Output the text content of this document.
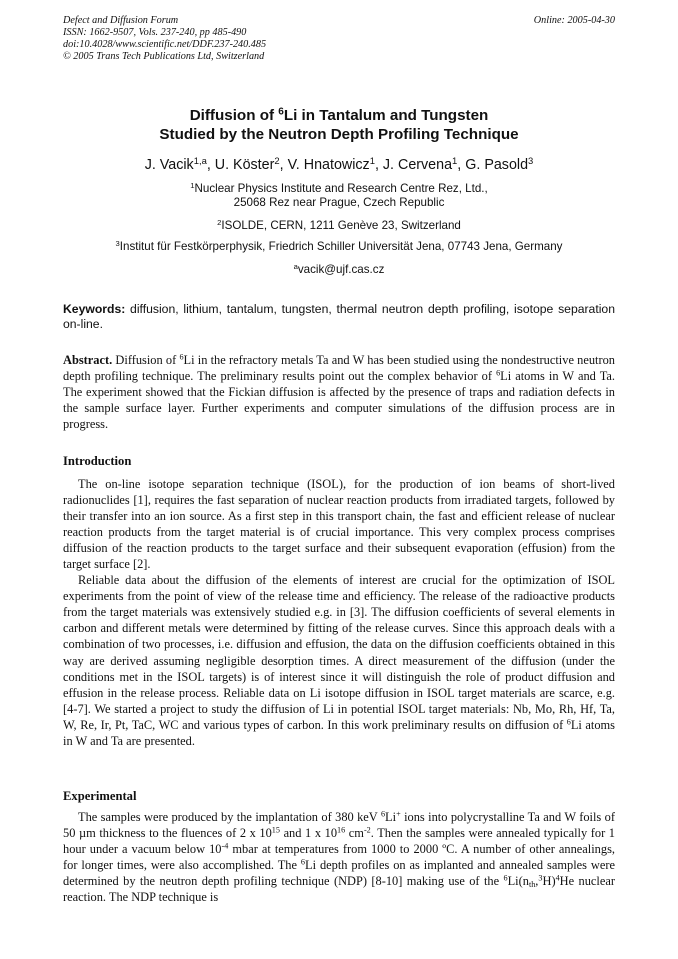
Defect and Diffusion Forum
ISSN: 1662-9507, Vols. 237-240, pp 485-490
doi:10.4028/www.scientific.net/DDF.237-240.485
© 2005 Trans Tech Publications Ltd, Switzerland
Online: 2005-04-30
Diffusion of $^6$Li in Tantalum and Tungsten
Studied by the Neutron Depth Profiling Technique
J. Vacik$^{1,a}$, U. Köster$^2$, V. Hnatowicz$^1$, J. Cervena$^1$, G. Pasold$^3$
$^1$Nuclear Physics Institute and Research Centre Rez, Ltd.,
25068 Rez near Prague, Czech Republic
$^2$ISOLDE, CERN, 1211 Genève 23, Switzerland
$^3$Institut für Festkörperphysik, Friedrich Schiller Universität Jena, 07743 Jena, Germany
$^a$vacik@ujf.cas.cz
Keywords: diffusion, lithium, tantalum, tungsten, thermal neutron depth profiling, isotope separation on-line.
Abstract. Diffusion of $^6$Li in the refractory metals Ta and W has been studied using the nondestructive neutron depth profiling technique. The preliminary results point out the complex behavior of $^6$Li atoms in W and Ta. The experiment showed that the Fickian diffusion is affected by the presence of traps and radiation defects in the sample surface layer. Further experiments and computer simulations of the diffusion process are in progress.
Introduction

The on-line isotope separation technique (ISOL), for the production of ion beams of short-lived radionuclides [1], requires the fast separation of nuclear reaction products from irradiated targets, followed by their transfer into an ion source. As a first step in this transport chain, the fast and efficient release of nuclear reaction products from the target material is of crucial importance. This very complex process comprises diffusion of the reaction products to the target surface and their subsequent evaporation (effusion) from the target surface [2].

Reliable data about the diffusion of the elements of interest are crucial for the optimization of ISOL experiments from the point of view of the release time and efficiency. The release of the radioactive products from the target materials was extensively studied e.g. in [3]. The diffusion coefficients of several elements in carbon and different metals were determined by fitting of the release curves. Since this approach deals with a combination of two processes, i.e. diffusion and effusion, the data on the diffusion coefficients obtained in this way are derived assuming negligible desorption times. A direct measurement of the diffusion (under the conditions met in the ISOL targets) is of interest since it will distinguish the role of product diffusion and effusion in the release process. Reliable data on Li isotope diffusion in ISOL target materials are scarce, e.g. [4-7]. We started a project to study the diffusion of Li in potential ISOL target materials: Nb, Mo, Rh, Hf, Ta, W, Re, Ir, Pt, TaC, WC and various types of carbon. In this work preliminary results on diffusion of $^6$Li atoms in W and Ta are presented.

Experimental

The samples were produced by the implantation of 380 keV $^6$Li+ ions into polycrystalline Ta and W foils of 50 µm thickness to the fluences of 2 x $10^{15}$ and 1 x $10^{16}$ $cm^{-2}$. Then the samples were annealed typically for 1 hour under a vacuum below $10^{-4}$ mbar at temperatures from 1000 to 2000 ºC. A number of other annealings, for longer times, were also accomplished. The $^6$Li depth profiles on as implanted and annealed samples were determined by the neutron depth profiling technique (NDP) [8-10] making use of the $^6Li(n_{th},^3H)^4He$ nuclear reaction. The NDP technique is
